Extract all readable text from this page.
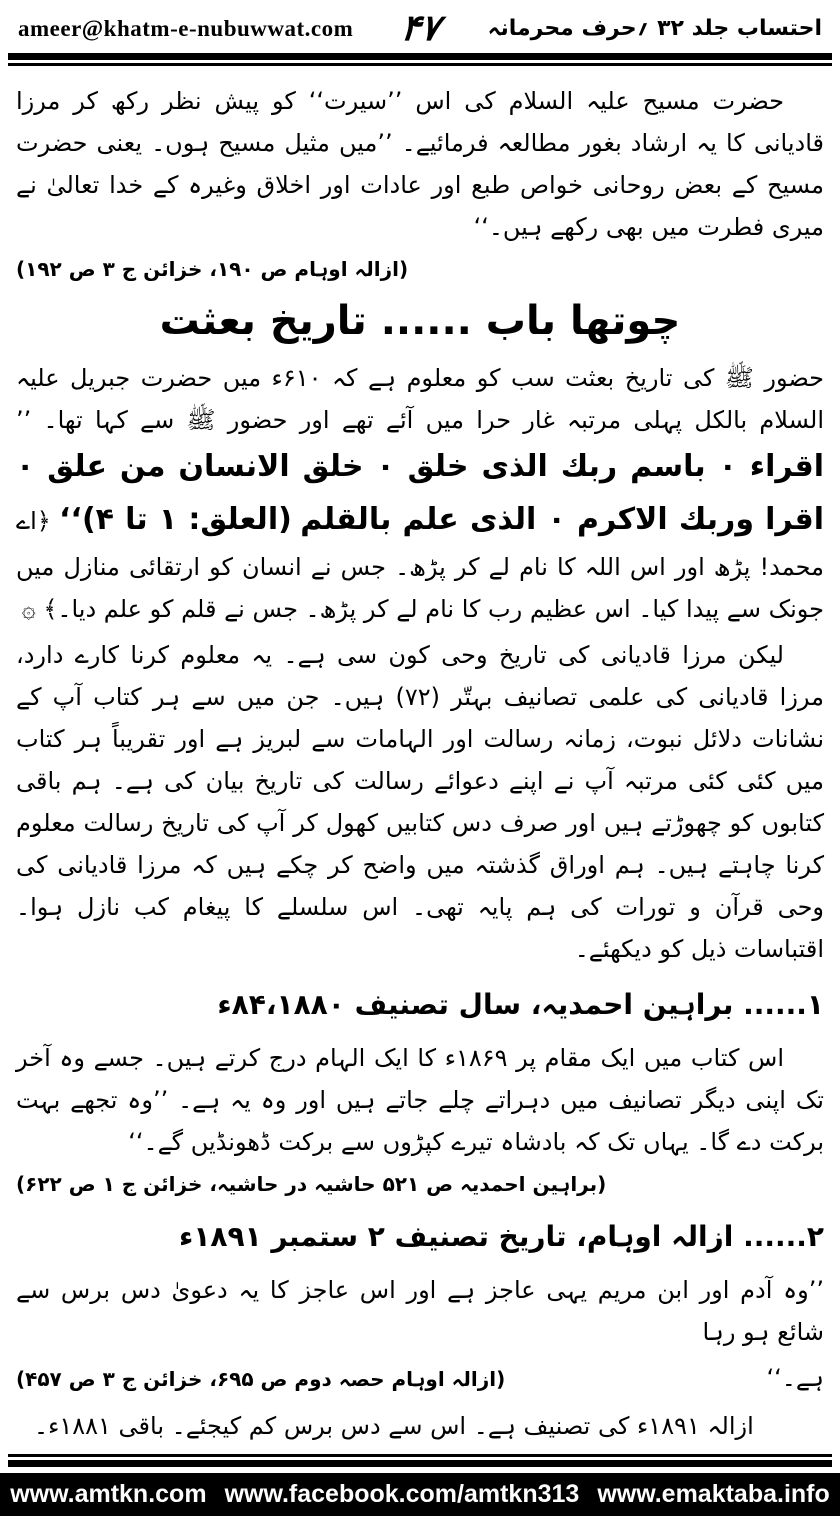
ameer@khatm-e-nubuwwat.com ۴۷ احتساب جلد ۳۲ ؍حرف محرمانہ

حضرت مسیح علیہ السلام کی اس ’’سیرت‘‘ کو پیش نظر رکھ کر مرزا قادیانی کا یہ ارشاد بغور مطالعہ فرمائیے۔ ’’میں مثیل مسیح ہوں۔ یعنی حضرت مسیح کے بعض روحانی خواص طبع اور عادات اور اخلاق وغیرہ کے خدا تعالیٰ نے میری فطرت میں بھی رکھے ہیں۔‘‘

(ازالہ اوہام ص ۱۹۰، خزائن ج ۳ ص ۱۹۲)
چوتھا باب ...... تاریخ بعثت

حضور ﷺ کی تاریخ بعثت سب کو معلوم ہے کہ ۶۱۰ء میں حضرت جبریل علیہ السلام بالکل پہلی مرتبہ غار حرا میں آئے تھے اور حضور ﷺ سے کہا تھا۔ ’’ اقراء ۰ باسم ربك الذی خلق ۰ خلق الانسان من علق ۰ اقرا وربك الاكرم ۰ الذی علم بالقلم (العلق: ۱ تا ۴)‘‘ ﴿اے محمد! پڑھ اور اس اللہ کا نام لے کر پڑھ۔ جس نے انسان کو ارتقائی منازل میں جونک سے پیدا کیا۔ اس عظیم رب کا نام لے کر پڑھ۔ جس نے قلم کو علم دیا۔﴾ ۞

لیکن مرزا قادیانی کی تاریخ وحی کون سی ہے۔ یہ معلوم کرنا کارے دارد، مرزا قادیانی کی علمی تصانیف بہتّر (۷۲) ہیں۔ جن میں سے ہر کتاب آپ کے نشانات دلائل نبوت، زمانہ رسالت اور الہامات سے لبریز ہے اور تقریباً ہر کتاب میں کئی کئی مرتبہ آپ نے اپنے دعوائے رسالت کی تاریخ بیان کی ہے۔ ہم باقی کتابوں کو چھوڑتے ہیں اور صرف دس کتابیں کھول کر آپ کی تاریخ رسالت معلوم کرنا چاہتے ہیں۔ ہم اوراق گذشتہ میں واضح کر چکے ہیں کہ مرزا قادیانی کی وحی قرآن و تورات کی ہم پایہ تھی۔ اس سلسلے کا پیغام کب نازل ہوا۔ اقتباسات ذیل کو دیکھئے۔

۱...... براہین احمدیہ، سال تصنیف ۸۴،۱۸۸۰ء

اس کتاب میں ایک مقام پر ۱۸۶۹ء کا ایک الہام درج کرتے ہیں۔ جسے وہ آخر تک اپنی دیگر تصانیف میں دہراتے چلے جاتے ہیں اور وہ یہ ہے۔ ’’وہ تجھے بہت برکت دے گا۔ یہاں تک کہ بادشاہ تیرے کپڑوں سے برکت ڈھونڈیں گے۔‘‘

(براہین احمدیہ ص ۵۲۱ حاشیہ در حاشیہ، خزائن ج ۱ ص ۶۲۲)
۲...... ازالہ اوہام، تاریخ تصنیف ۲ ستمبر ۱۸۹۱ء

’’وہ آدم اور ابن مریم یہی عاجز ہے اور اس عاجز کا یہ دعویٰ دس برس سے شائع ہو رہا

ہے۔‘‘
(ازالہ اوہام حصہ دوم ص ۶۹۵، خزائن ج ۳ ص ۴۵۷)
ازالہ ۱۸۹۱ء کی تصنیف ہے۔ اس سے دس برس کم کیجئے۔ باقی ۱۸۸۱ء۔
www.amtkn.com www.facebook.com/amtkn313 www.emaktaba.info
